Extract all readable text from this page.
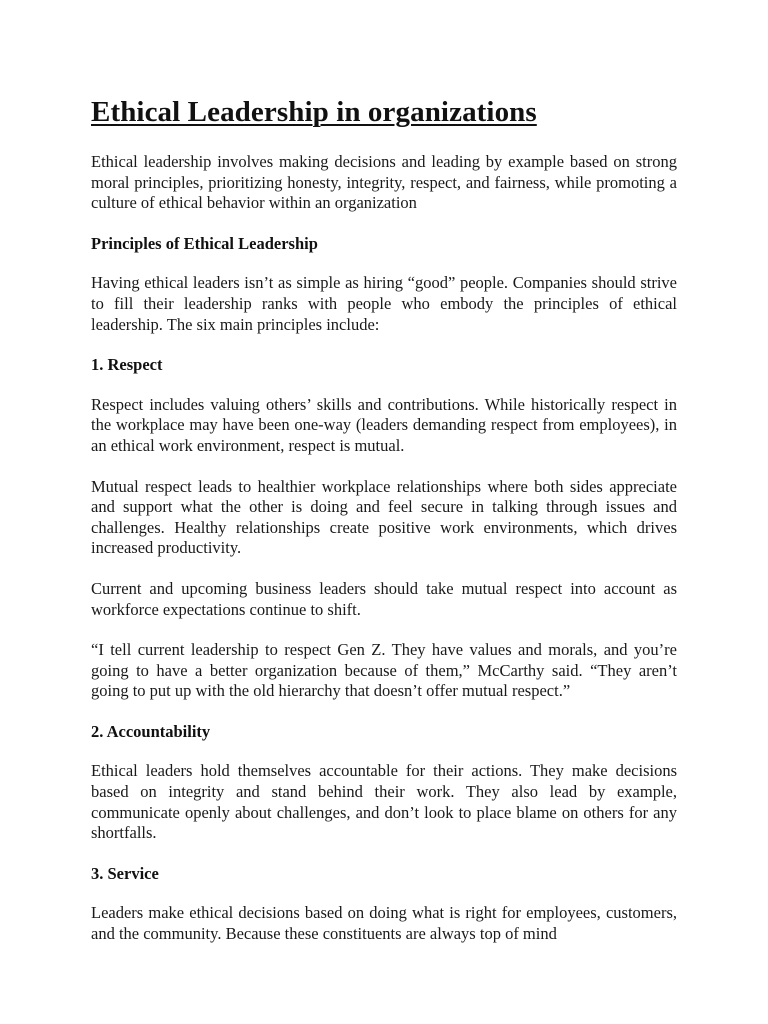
Ethical Leadership in organizations

Ethical leadership involves making decisions and leading by example based on strong moral principles, prioritizing honesty, integrity, respect, and fairness, while promoting a culture of ethical behavior within an organization

Principles of Ethical Leadership

Having ethical leaders isn’t as simple as hiring “good” people. Companies should strive to fill their leadership ranks with people who embody the principles of ethical leadership. The six main principles include:

1. Respect

Respect includes valuing others’ skills and contributions. While historically respect in the workplace may have been one-way (leaders demanding respect from employees), in an ethical work environment, respect is mutual.

Mutual respect leads to healthier workplace relationships where both sides appreciate and support what the other is doing and feel secure in talking through issues and challenges. Healthy relationships create positive work environments, which drives increased productivity.

Current and upcoming business leaders should take mutual respect into account as workforce expectations continue to shift.

“I tell current leadership to respect Gen Z. They have values and morals, and you’re going to have a better organization because of them,” McCarthy said. “They aren’t going to put up with the old hierarchy that doesn’t offer mutual respect.”

2. Accountability

Ethical leaders hold themselves accountable for their actions. They make decisions based on integrity and stand behind their work. They also lead by example, communicate openly about challenges, and don’t look to place blame on others for any shortfalls.

3. Service

Leaders make ethical decisions based on doing what is right for employees, customers, and the community. Because these constituents are always top of mind
